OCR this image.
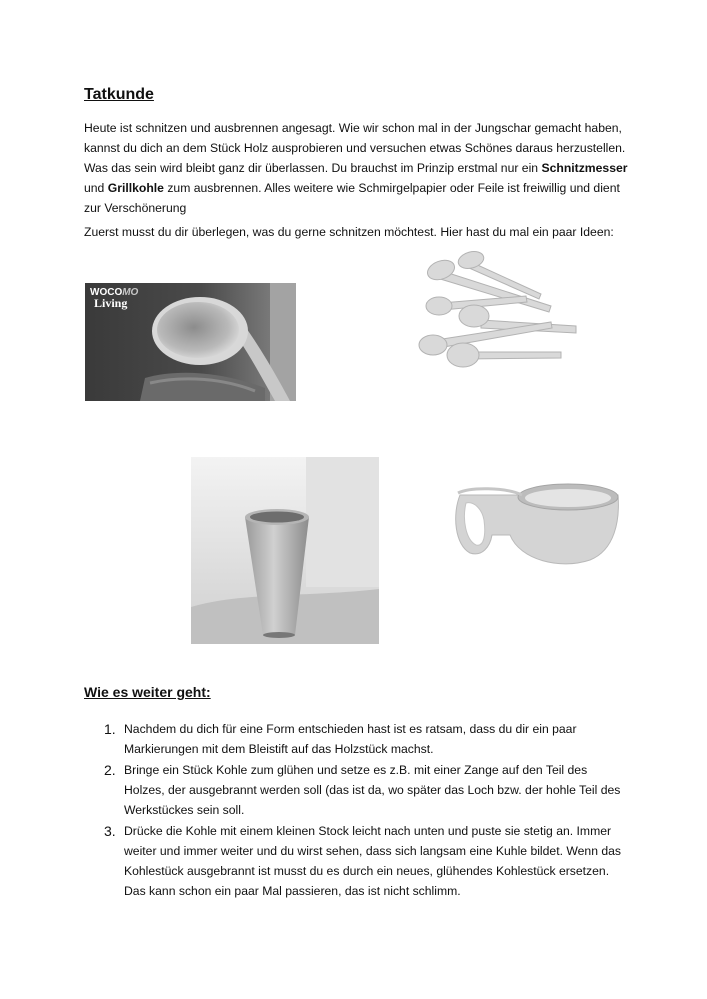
Tatkunde

Heute ist schnitzen und ausbrennen angesagt. Wie wir schon mal in der Jungschar gemacht haben, kannst du dich an dem Stück Holz ausprobieren und versuchen etwas Schönes daraus herzustellen. Was das sein wird bleibt ganz dir überlassen. Du brauchst im Prinzip erstmal nur ein Schnitzmesser und Grillkohle zum ausbrennen. Alles weitere wie Schmirgelpapier oder Feile ist freiwillig und dient zur Verschönerung

Zuerst musst du dir überlegen, was du gerne schnitzen möchtest. Hier hast du mal ein paar Ideen:

WOCOMO
Living
Wie es weiter geht:
1. Nachdem du dich für eine Form entschieden hast ist es ratsam, dass du dir ein paar Markierungen mit dem Bleistift auf das Holzstück machst.
2. Bringe ein Stück Kohle zum glühen und setze es z.B. mit einer Zange auf den Teil des Holzes, der ausgebrannt werden soll (das ist da, wo später das Loch bzw. der hohle Teil des Werkstückes sein soll.
3. Drücke die Kohle mit einem kleinen Stock leicht nach unten und puste sie stetig an. Immer weiter und immer weiter und du wirst sehen, dass sich langsam eine Kuhle bildet. Wenn das Kohlestück ausgebrannt ist musst du es durch ein neues, glühendes Kohlestück ersetzen. Das kann schon ein paar Mal passieren, das ist nicht schlimm.
